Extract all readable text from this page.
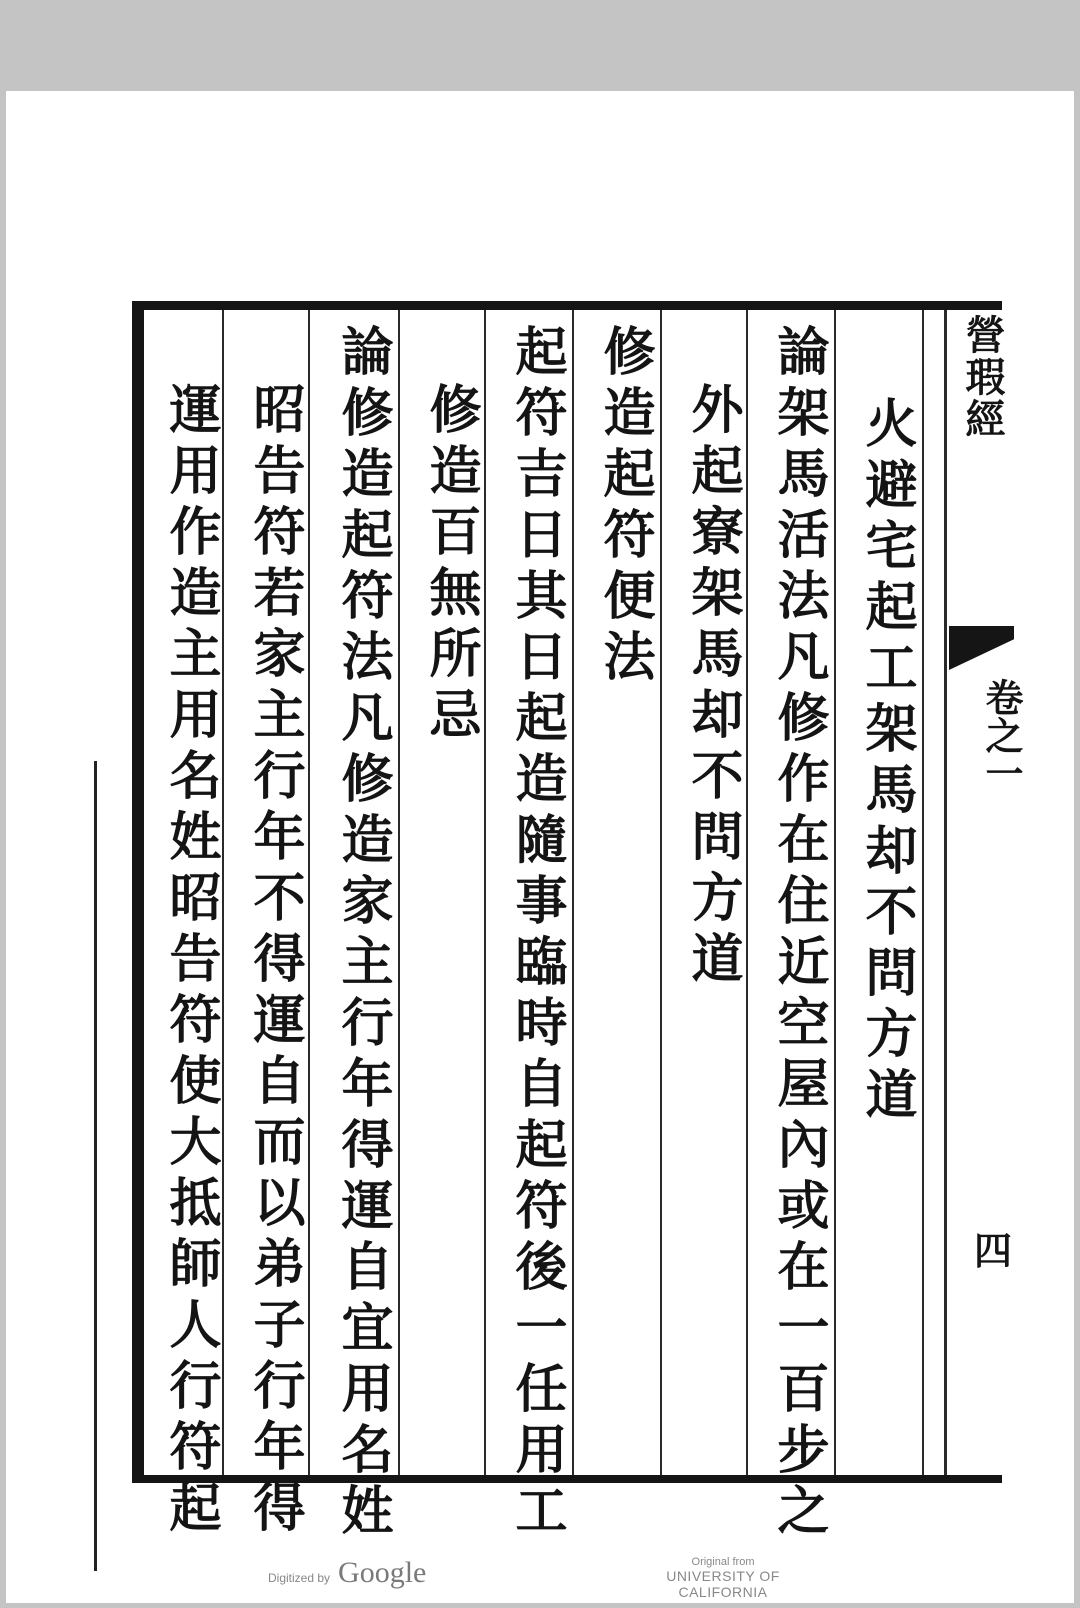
火避宅起工架馬却不問方道
論架馬活法凡修作在住近空屋內或在一百步之
外起寮架馬却不問方道
修造起符便法
起符吉日其日起造隨事臨時自起符後一任用工
修造百無所忌
論修造起符法凡修造家主行年得運自宜用名姓
昭告符若家主行年不得運自而以弟子行年得
運用作造主用名姓昭告符使大抵師人行符起
營瑕經
卷之一
四
Digitized by Google	Original from
UNIVERSITY OF CALIFORNIA
